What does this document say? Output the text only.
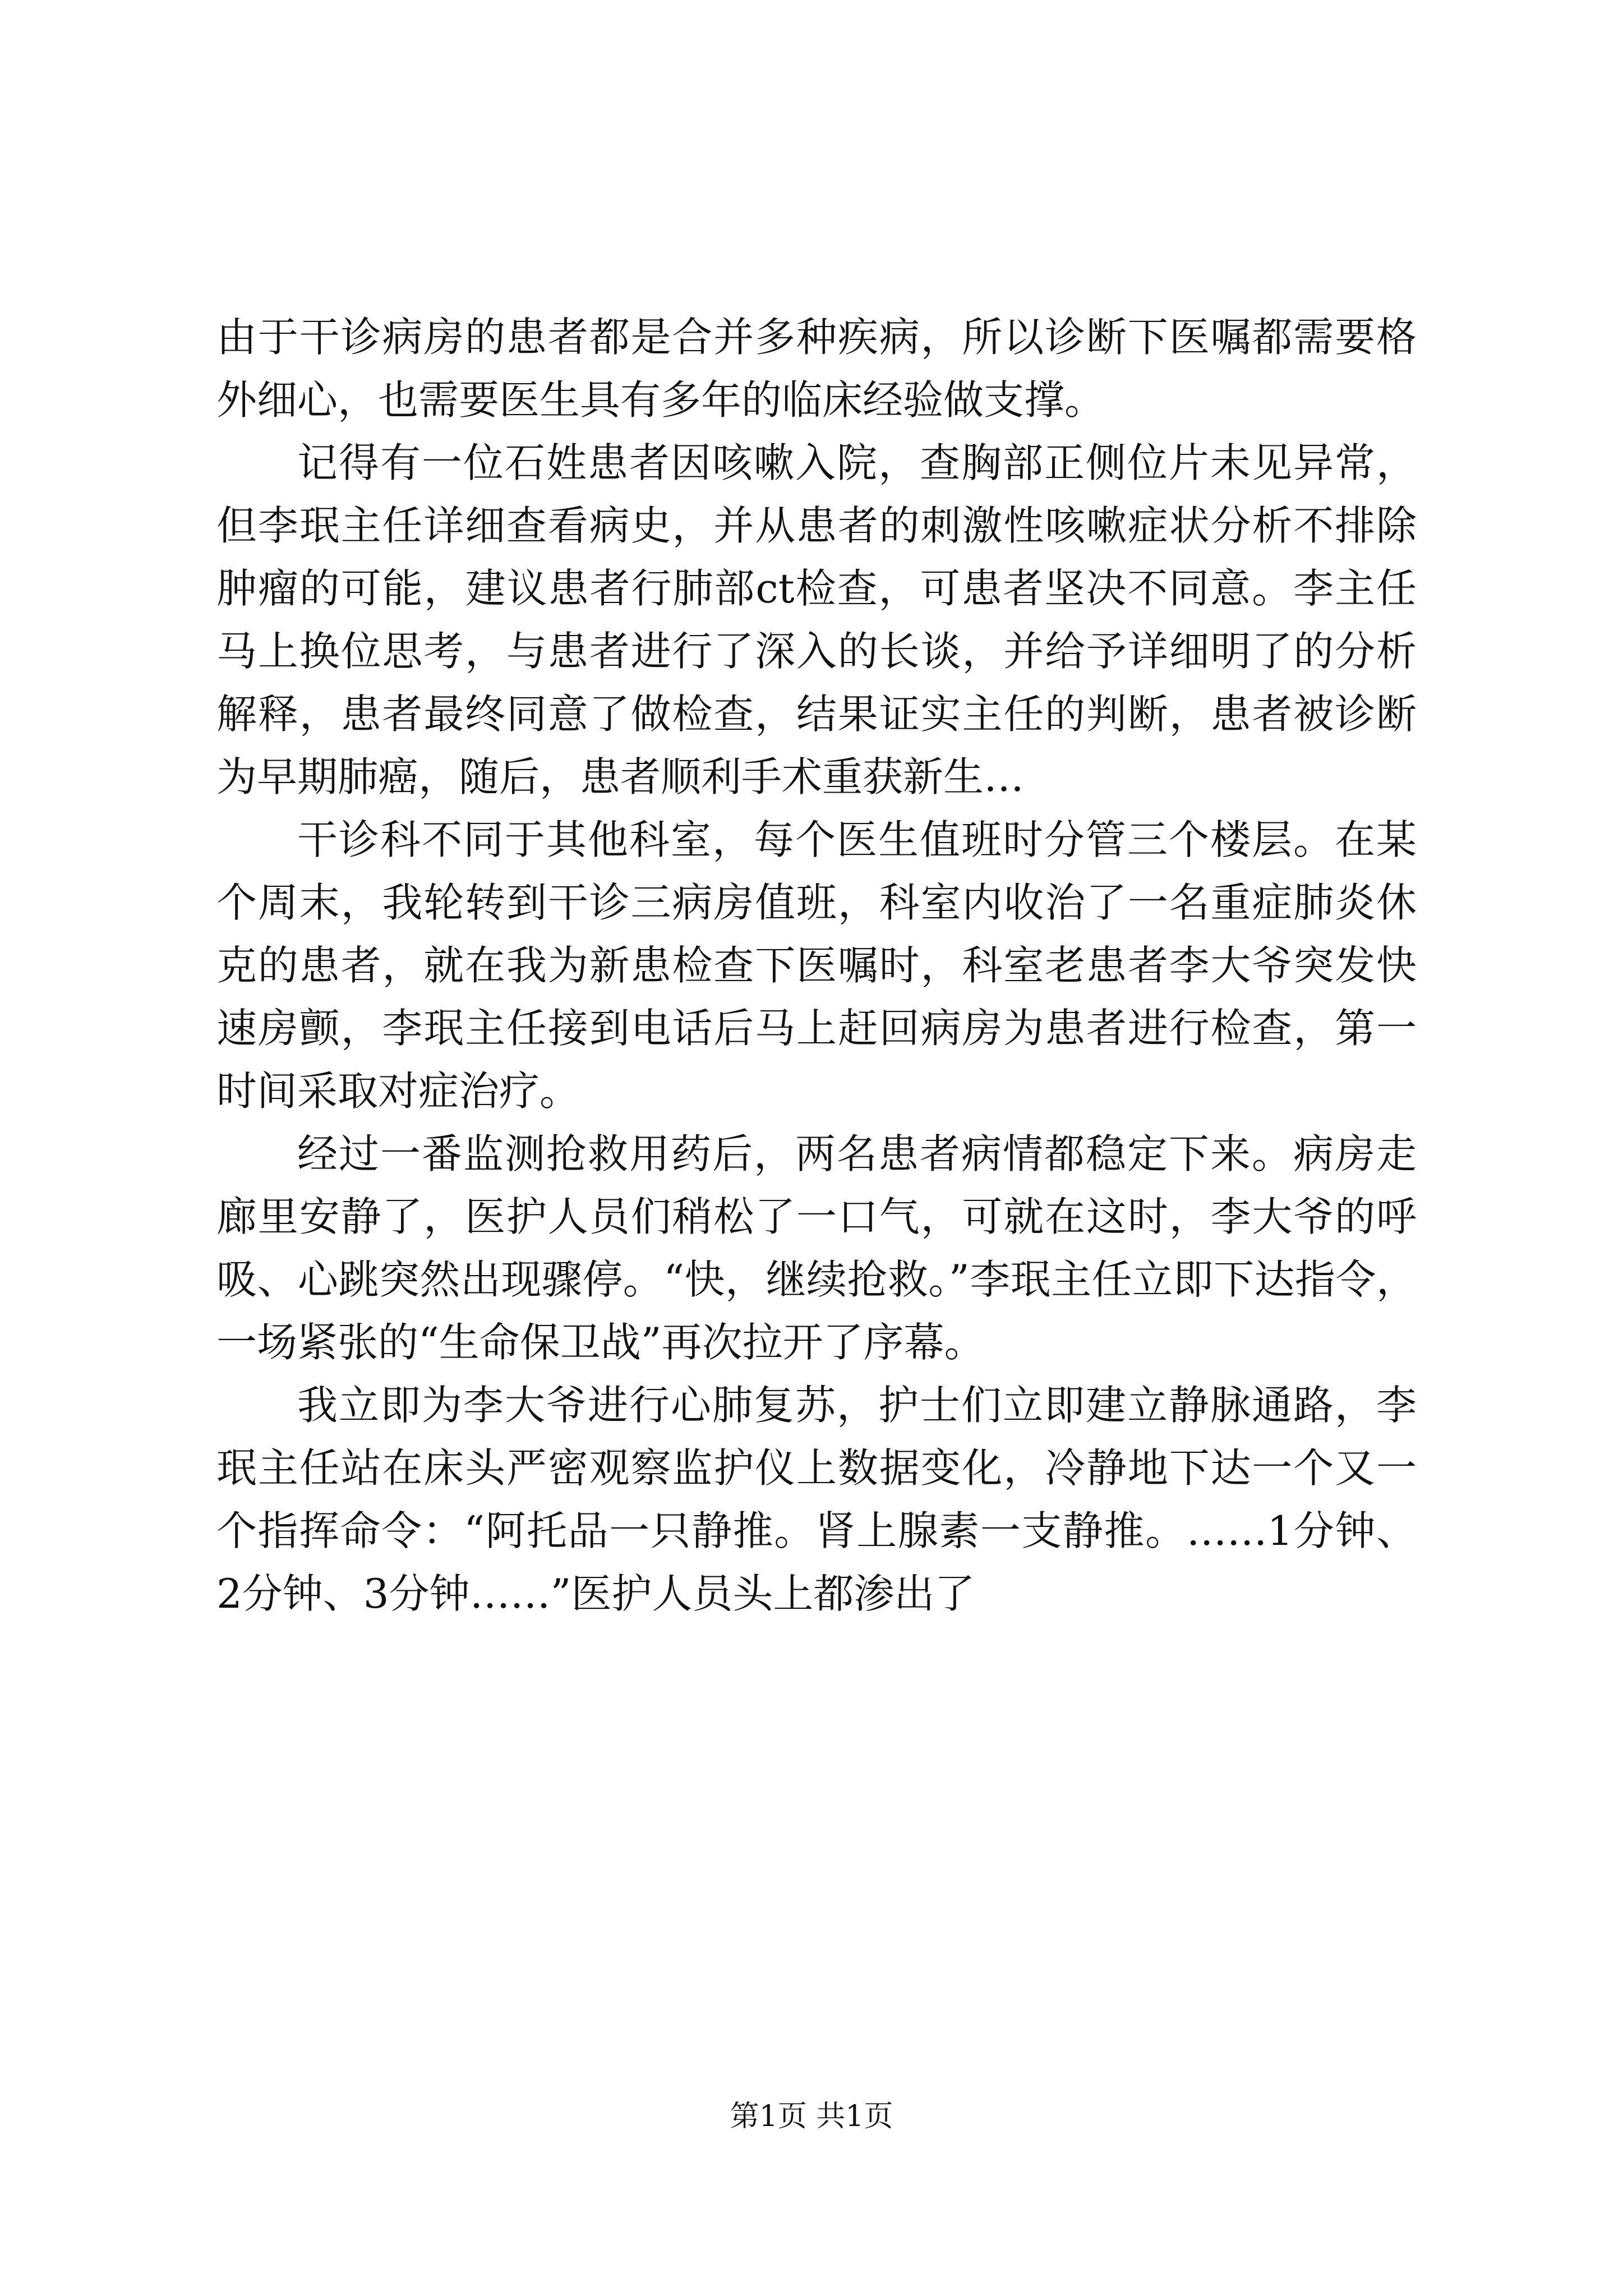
由于干诊病房的患者都是合并多种疾病，所以诊断下医嘱都需要格外细心，也需要医生具有多年的临床经验做支撑。

记得有一位石姓患者因咳嗽入院，查胸部正侧位片未见异常，但李珉主任详细查看病史，并从患者的刺激性咳嗽症状分析不排除肿瘤的可能，建议患者行肺部ct检查，可患者坚决不同意。李主任马上换位思考，与患者进行了深入的长谈，并给予详细明了的分析解释，患者最终同意了做检查，结果证实主任的判断，患者被诊断为早期肺癌，随后，患者顺利手术重获新生…

干诊科不同于其他科室，每个医生值班时分管三个楼层。在某个周末，我轮转到干诊三病房值班，科室内收治了一名重症肺炎休克的患者，就在我为新患检查下医嘱时，科室老患者李大爷突发快速房颤，李珉主任接到电话后马上赶回病房为患者进行检查，第一时间采取对症治疗。

经过一番监测抢救用药后，两名患者病情都稳定下来。病房走廊里安静了，医护人员们稍松了一口气，可就在这时，李大爷的呼吸、心跳突然出现骤停。“快，继续抢救。”李珉主任立即下达指令，一场紧张的“生命保卫战”再次拉开了序幕。

我立即为李大爷进行心肺复苏，护士们立即建立静脉通路，李珉主任站在床头严密观察监护仪上数据变化，冷静地下达一个又一个指挥命令：“阿托品一只静推。肾上腺素一支静推。……1分钟、2分钟、3分钟……”医护人员头上都渗出了

第1页 共1页
